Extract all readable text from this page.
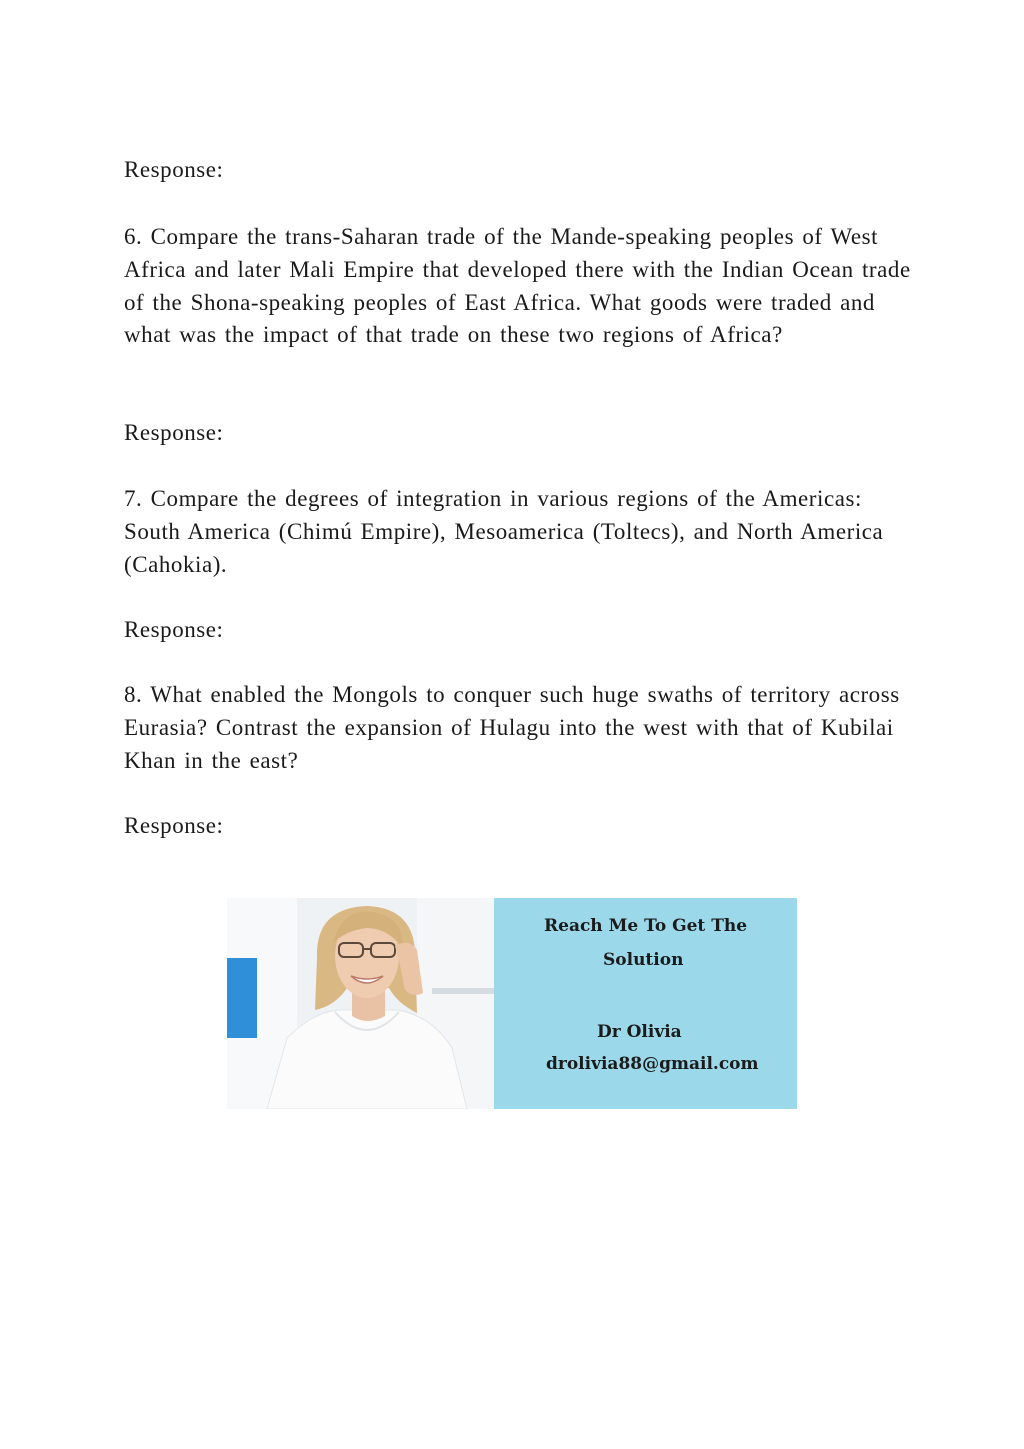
Response:

6. Compare the trans-Saharan trade of the Mande-speaking peoples of West Africa and later Mali Empire that developed there with the Indian Ocean trade of the Shona-speaking peoples of East Africa. What goods were traded and what was the impact of that trade on these two regions of Africa?

Response:

7. Compare the degrees of integration in various regions of the Americas: South America (Chimú Empire), Mesoamerica (Toltecs), and North America (Cahokia).

Response:

8. What enabled the Mongols to conquer such huge swaths of territory across Eurasia? Contrast the expansion of Hulagu into the west with that of Kubilai Khan in the east?

Response:

Reach Me To Get The
Solution
Dr Olivia
drolivia88@gmail.com
